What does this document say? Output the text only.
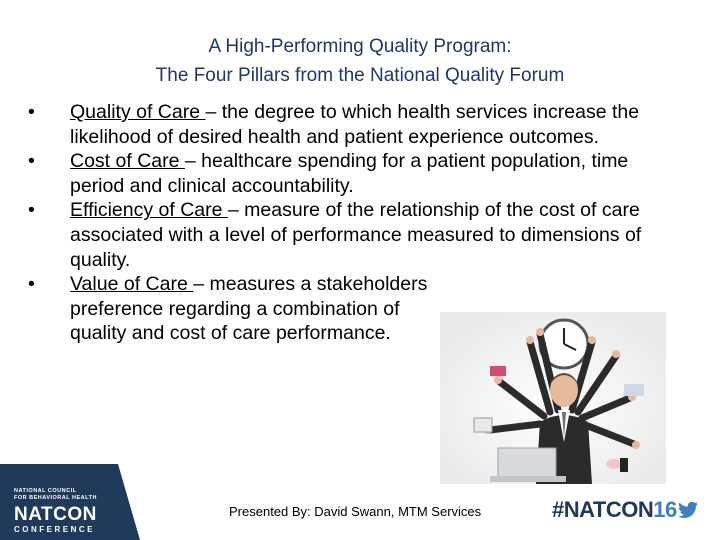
A High-Performing Quality Program:
The Four Pillars from the National Quality Forum
• Quality of Care – the degree to which health services increase the likelihood of desired health and patient experience outcomes.
• Cost of Care – healthcare spending for a patient population, time period and clinical accountability.
• Efficiency of Care – measure of the relationship of the cost of care associated with a level of performance measured to dimensions of quality.
• Value of Care – measures a stakeholders preference regarding a combination of quality and cost of care performance.
NATIONAL COUNCIL
FOR BEHAVIORAL HEALTH
NATCON
CONFERENCE
Presented By: David Swann, MTM Services	#NATCON16
